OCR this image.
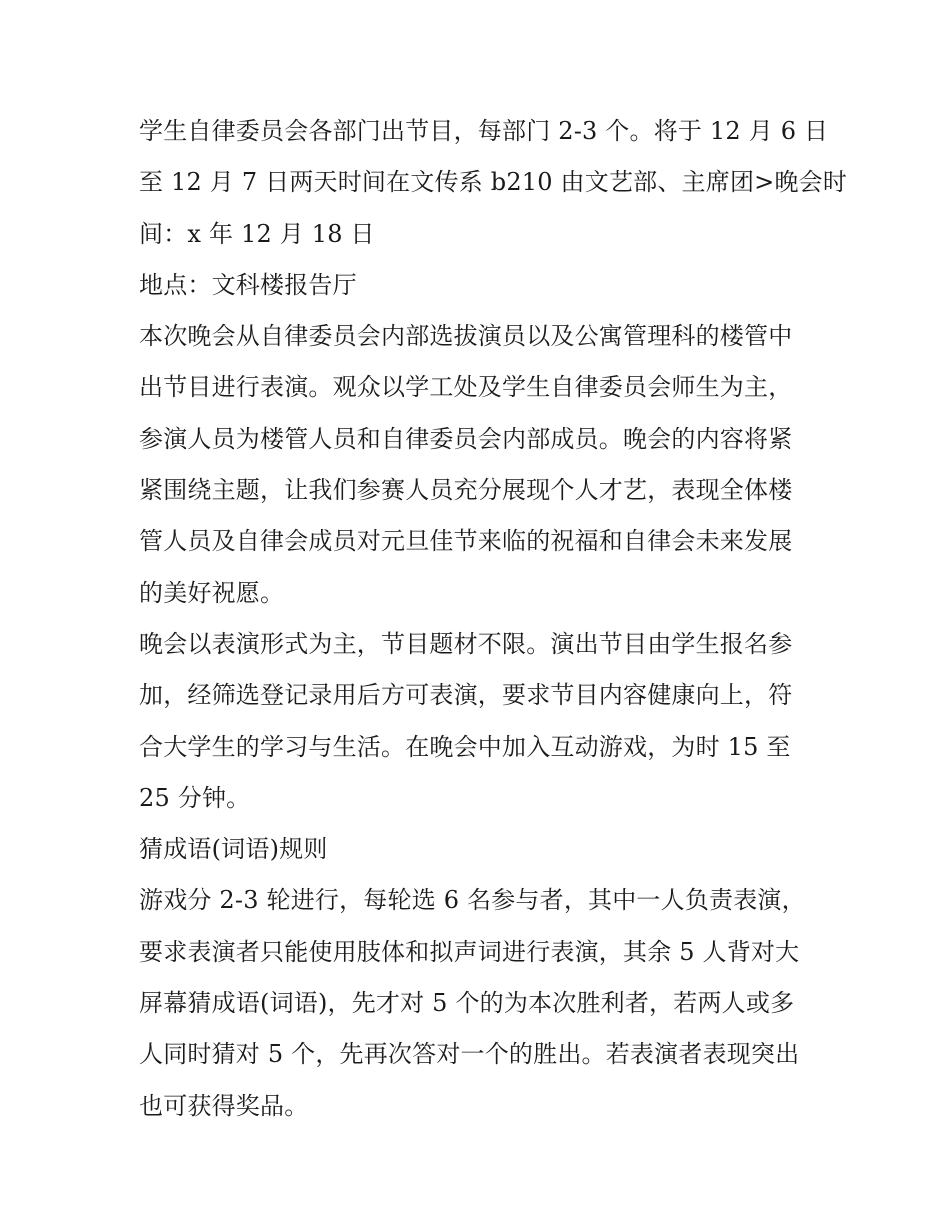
学生自律委员会各部门出节目，每部门 2-3 个。将于 12 月 6 日
至 12 月 7 日两天时间在文传系 b210 由文艺部、主席团>晚会时
间：x 年 12 月 18 日
地点：文科楼报告厅
本次晚会从自律委员会内部选拔演员以及公寓管理科的楼管中
出节目进行表演。观众以学工处及学生自律委员会师生为主，
参演人员为楼管人员和自律委员会内部成员。晚会的内容将紧
紧围绕主题，让我们参赛人员充分展现个人才艺，表现全体楼
管人员及自律会成员对元旦佳节来临的祝福和自律会未来发展
的美好祝愿。
晚会以表演形式为主，节目题材不限。演出节目由学生报名参
加，经筛选登记录用后方可表演，要求节目内容健康向上，符
合大学生的学习与生活。在晚会中加入互动游戏，为时 15 至
25 分钟。
猜成语(词语)规则
游戏分 2-3 轮进行，每轮选 6 名参与者，其中一人负责表演，
要求表演者只能使用肢体和拟声词进行表演，其余 5 人背对大
屏幕猜成语(词语)，先才对 5 个的为本次胜利者，若两人或多
人同时猜对 5 个，先再次答对一个的胜出。若表演者表现突出
也可获得奖品。
